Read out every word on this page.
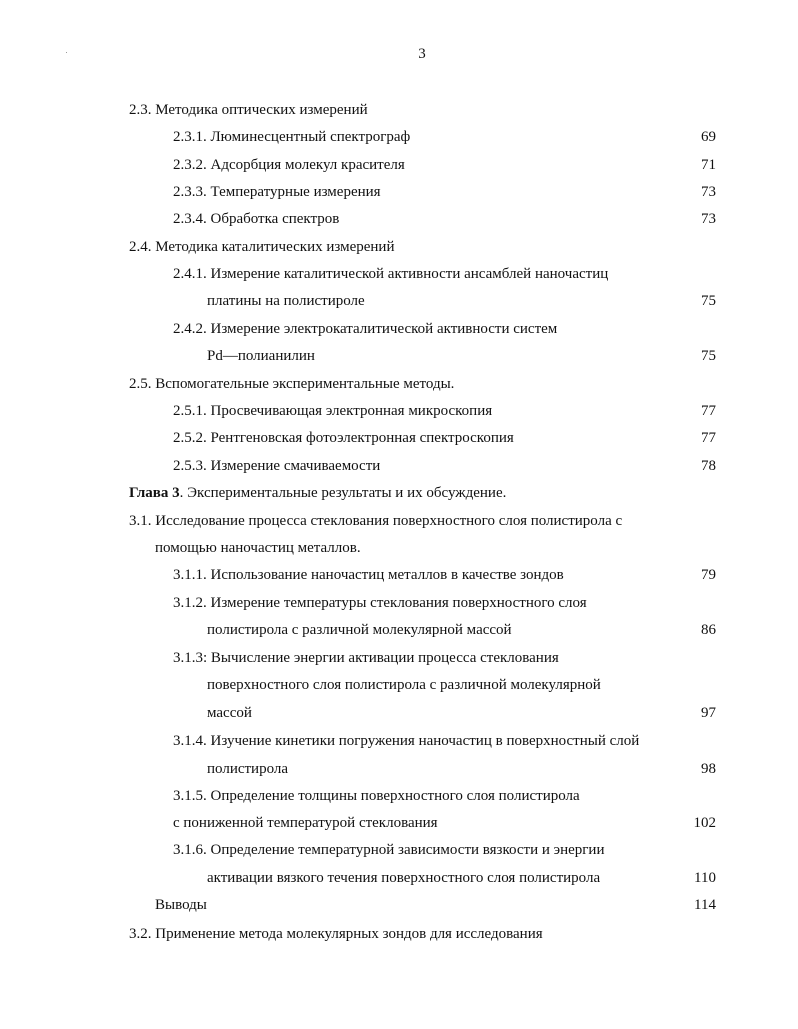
3
2.3. Методика оптических измерений
2.3.1. Люминесцентный спектрограф	69
2.3.2. Адсорбция молекул красителя	71
2.3.3. Температурные измерения	73
2.3.4. Обработка спектров	73
2.4. Методика каталитических измерений
2.4.1. Измерение каталитической активности ансамблей наночастиц
платины на полистироле	75
2.4.2. Измерение электрокаталитической активности систем
Pd—полианилин	75
2.5. Вспомогательные экспериментальные методы.
2.5.1. Просвечивающая электронная микроскопия	77
2.5.2. Рентгеновская фотоэлектронная спектроскопия	77
2.5.3. Измерение смачиваемости	78
Глава 3. Экспериментальные результаты и их обсуждение.
3.1. Исследование процесса стеклования поверхностного слоя полистирола с
помощью наночастиц металлов.
3.1.1. Использование наночастиц металлов в качестве зондов	79
3.1.2. Измерение температуры стеклования поверхностного слоя
полистирола с различной молекулярной массой	86
3.1.3: Вычисление энергии активации процесса стеклования
поверхностного слоя полистирола с различной молекулярной
массой	97
3.1.4. Изучение кинетики погружения наночастиц в поверхностный слой
полистирола	98
3.1.5. Определение толщины поверхностного слоя полистирола
с пониженной температурой стеклования	102
3.1.6. Определение температурной зависимости вязкости и энергии
активации вязкого течения поверхностного слоя полистирола	110
Выводы	114
3.2. Применение метода молекулярных зондов для исследования
